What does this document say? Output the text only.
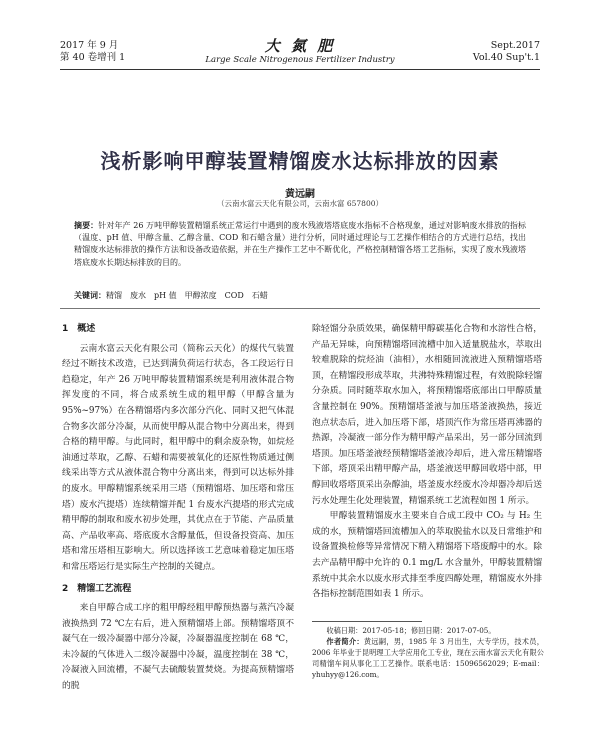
2017 年 9 月
第 40 卷增刊 1
大 氮 肥
Large Scale Nitrogenous Fertilizer Industry
Sept.2017
Vol.40 Sup't.1
浅析影响甲醇装置精馏废水达标排放的因素
黄远嗣
（云南水富云天化有限公司，云南水富 657800）
摘要：针对年产 26 万吨甲醇装置精馏系统正常运行中遇到的废水残液塔塔底废水指标不合格现象，通过对影响废水排放的指标（温度、pH 值、甲醇含量、乙醇含量、COD 和石蜡含量）进行分析，同时通过理论与工艺操作相结合的方式进行总结，找出精馏废水达标排放的操作方法和设备改造依据，并在生产操作工艺中不断优化，严格控制精馏各塔工艺指标，实现了废水残液塔塔底废水长期达标排放的目的。
关键词：精馏　废水　pH 值　甲醇浓度　COD　石蜡
1　概述
云南水富云天化有限公司（简称云天化）的煤代气装置经过不断技术改造，已达到满负荷运行状态，各工段运行日趋稳定，年产 26 万吨甲醇装置精馏系统是利用液体混合物挥发度的不同，将合成系统生成的粗甲醇（甲醇含量为 95%~97%）在各精馏塔内多次部分汽化、同时又把气体混合物多次部分冷凝，从而使甲醇从混合物中分离出来，得到合格的精甲醇。与此同时，粗甲醇中的剩余废杂物，如烷烃油通过萃取，乙醇、石蜡和需要被氧化的还原性物质通过侧线采出等方式从液体混合物中分离出来，得到可以达标外排的废水。甲醇精馏系统采用三塔（预精馏塔、加压塔和常压塔）废水汽提塔）连续精馏并配 1 台废水汽提塔的形式完成精甲醇的制取和废水初步处理，其优点在于节能、产品质量高、产品收率高、塔底废水含醇量低，但设备投资高、加压塔和常压塔相互影响大。所以选择该工艺意味着稳定加压塔和常压塔运行是实际生产控制的关键点。
2　精馏工艺流程
来自甲醇合成工序的粗甲醇经粗甲醇预热器与蒸汽冷凝液换热到 72 ℃左右后，进入预精馏塔上部。预精馏塔顶不凝气在一级冷凝器中部分冷凝，冷凝器温度控制在 68 ℃，未冷凝的气体进入二级冷凝器中冷凝，温度控制在 38 ℃，冷凝液入回流槽，不凝气去硫酸装置焚烧。为提高预精馏塔的脱
除轻馏分杂质效果，确保精甲醇碳基化合物和水溶性合格，产品无异味，向预精馏塔回流槽中加入适量脱盐水，萃取出较难脱除的烷烃油（油相），水相随回流液进入预精馏塔塔顶，在精馏段形成萃取，共沸特殊精馏过程，有效脱除轻馏分杂质。同时随萃取水加入，将预精馏塔底部出口甲醇质量含量控制在 90%。预精馏塔釜液与加压塔釜液换热，接近泡点状态后，进入加压塔下部，塔顶汽作为常压塔再沸器的热源，冷凝液一部分作为精甲醇产品采出，另一部分回流到塔顶。加压塔釜液经预精馏塔釜液冷却后，进入常压精馏塔下部，塔顶采出精甲醇产品，塔釜液送甲醇回收塔中部，甲醇回收塔塔顶采出杂醇油，塔釜废水经废水冷却器冷却后送污水处理生化处理装置，精馏系统工艺流程如图 1 所示。
甲醇装置精馏废水主要来自合成工段中 CO₂ 与 H₂ 生成的水，预精馏塔回流槽加入的萃取脱盐水以及日常维护和设备置换检修等异常情况下精入精馏塔下塔废醇中的水。除去产品精甲醇中允许的 0.1 mg/L 水含量外，甲醇装置精馏系统中其余水以废水形式排至季度四醇处理，精馏废水外排各指标控制范围如表 1 所示。
收稿日期：2017-05-18；修回日期：2017-07-05。
作者简介：黄远嗣，男，1985 年 3 月出生，大专学历，技术员，2006 年毕业于昆明理工大学应用化工专业，现在云南水富云天化有限公司精馏车间从事化工工艺操作。联系电话：15096562029；E-mail：yhuhyy@126.com。
